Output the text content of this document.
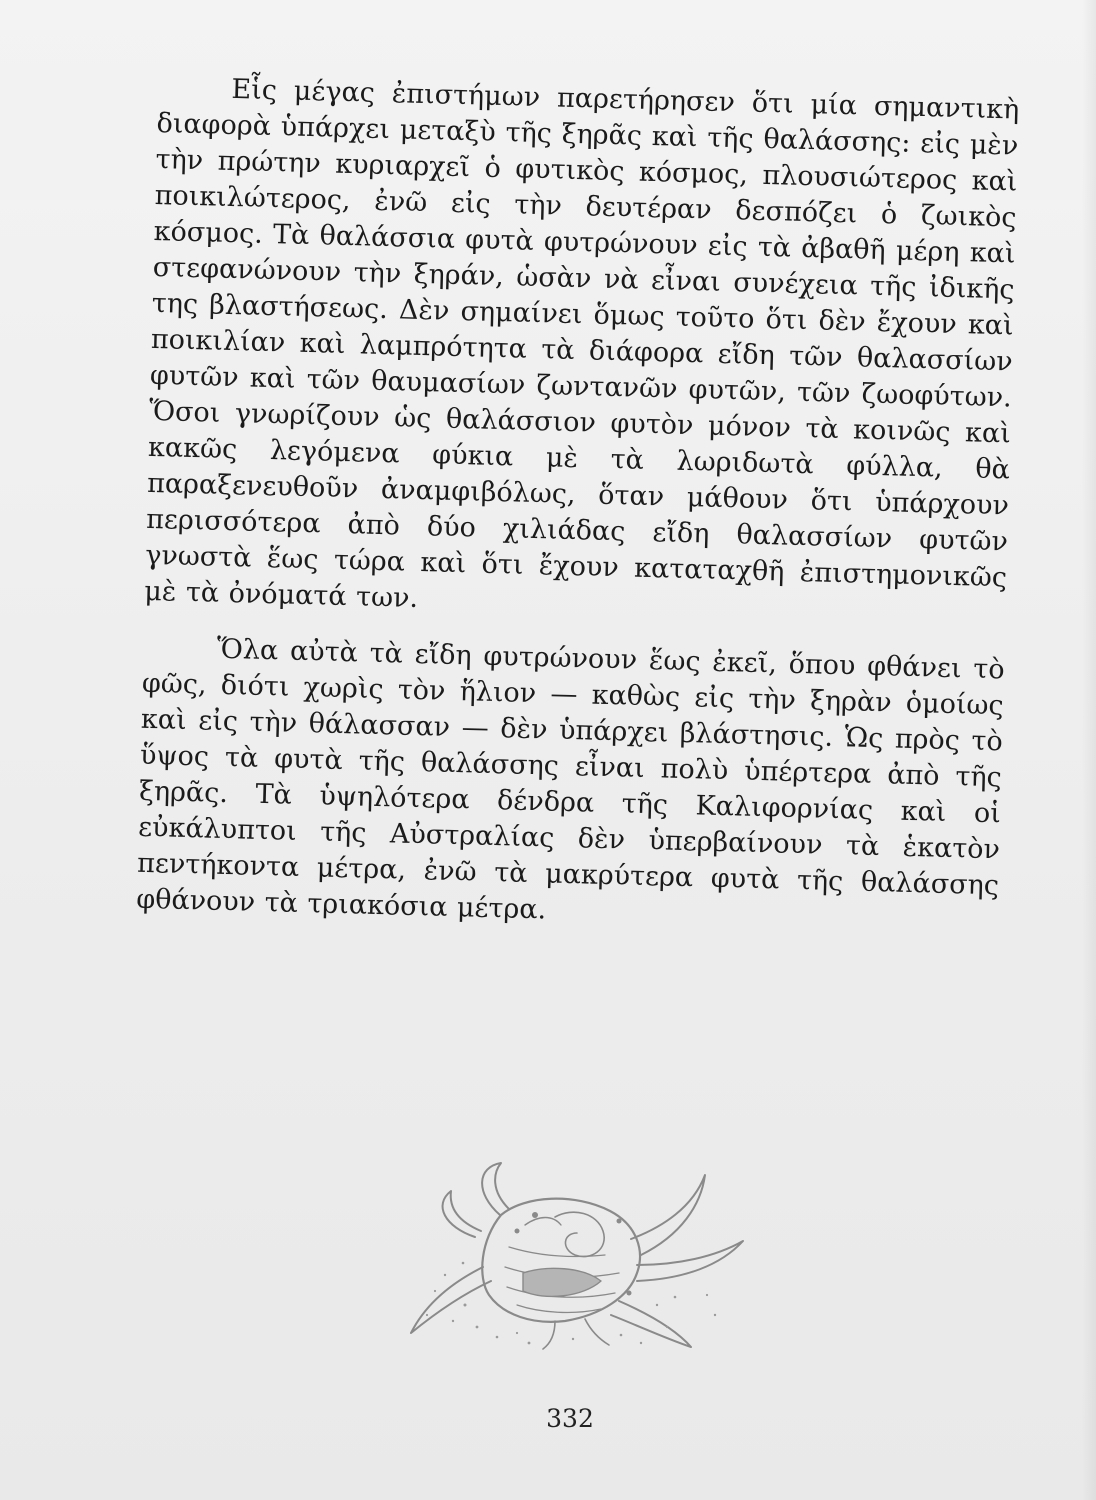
Εἷς μέγας ἐπιστήμων παρετήρησεν ὅτι μία σημαντικὴ διαφορὰ ὑπάρχει μεταξὺ τῆς ξηρᾶς καὶ τῆς θαλάσσης: εἰς μὲν τὴν πρώτην κυριαρχεῖ ὁ φυτικὸς κόσμος, πλουσιώτερος καὶ ποικιλώτερος, ἐνῶ εἰς τὴν δευτέραν δεσπόζει ὁ ζωικὸς κόσμος. Τὰ θαλάσσια φυτὰ φυτρώνουν εἰς τὰ ἀβαθῆ μέρη καὶ στεφανώνουν τὴν ξηράν, ὡσὰν νὰ εἶναι συνέχεια τῆς ἰδικῆς της βλαστήσεως. Δὲν σημαίνει ὅμως τοῦτο ὅτι δὲν ἔχουν καὶ ποικιλίαν καὶ λαμπρότητα τὰ διάφορα εἴδη τῶν θαλασσίων φυτῶν καὶ τῶν θαυμασίων ζωντανῶν φυτῶν, τῶν ζωοφύτων. Ὅσοι γνωρίζουν ὡς θαλάσσιον φυτὸν μόνον τὰ κοινῶς καὶ κακῶς λεγόμενα φύκια μὲ τὰ λωριδωτὰ φύλλα, θὰ παραξενευθοῦν ἀναμφιβόλως, ὅταν μάθουν ὅτι ὑπάρχουν περισσότερα ἀπὸ δύο χιλιάδας εἴδη θαλασσίων φυτῶν γνωστὰ ἕως τώρα καὶ ὅτι ἔχουν καταταχθῆ ἐπιστημονικῶς μὲ τὰ ὀνόματά των.

Ὅλα αὐτὰ τὰ εἴδη φυτρώνουν ἕως ἐκεῖ, ὅπου φθάνει τὸ φῶς, διότι χωρὶς τὸν ἥλιον — καθὼς εἰς τὴν ξηρὰν ὁμοίως καὶ εἰς τὴν θάλασσαν — δὲν ὑπάρχει βλάστησις. Ὡς πρὸς τὸ ὕψος τὰ φυτὰ τῆς θαλάσσης εἶναι πολὺ ὑπέρτερα ἀπὸ τῆς ξηρᾶς. Τὰ ὑψηλότερα δένδρα τῆς Καλιφορνίας καὶ οἱ εὐκάλυπτοι τῆς Αὐστραλίας δὲν ὑπερβαίνουν τὰ ἑκατὸν πεντήκοντα μέτρα, ἐνῶ τὰ μακρύτερα φυτὰ τῆς θαλάσσης φθάνουν τὰ τριακόσια μέτρα.

332
